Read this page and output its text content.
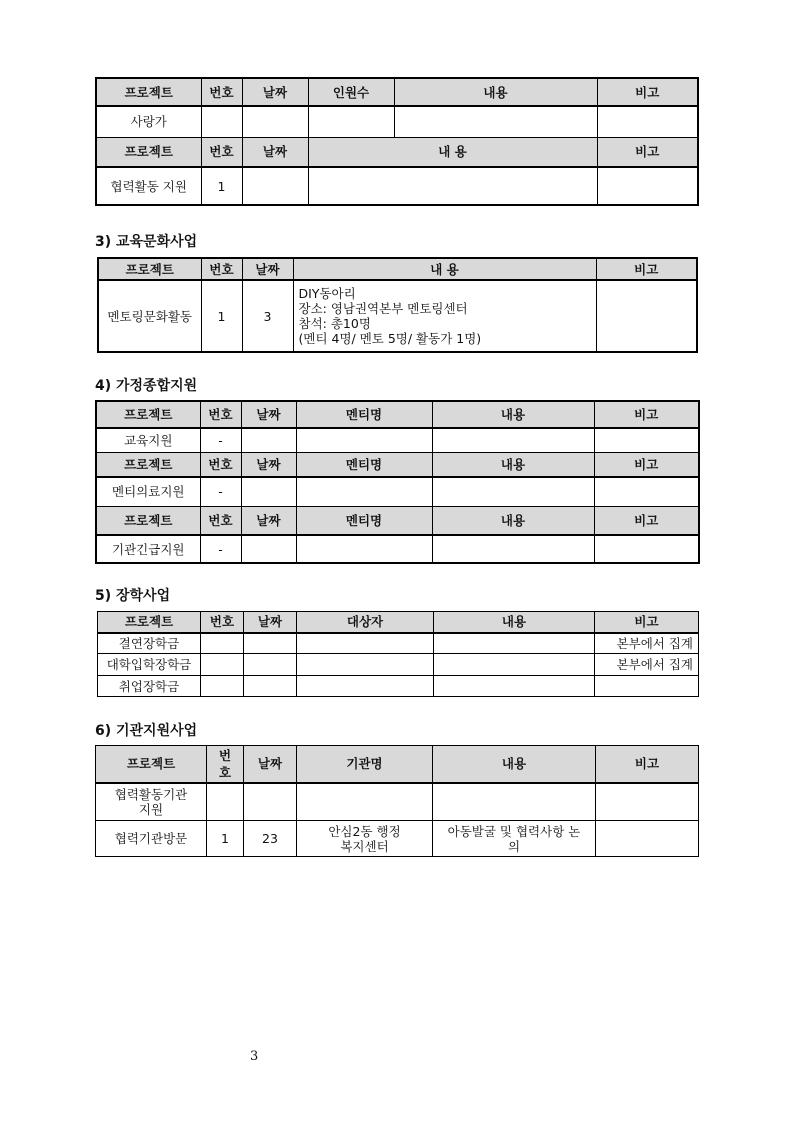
프로젝트	번호	날짜	인원수	내용	비고
사랑가					
프로젝트	번호	날짜	내 용		비고
협력활동 지원	1				
3) 교육문화사업
프로젝트	번호	날짜	내 용	비고
멘토링문화활동	1	3	DIY동아리
장소: 영남권역본부 멘토링센터
참석: 총10명
(멘티 4명/ 멘토 5명/ 활동가 1명)	

4) 가정종합지원
프로젝트	번호	날짜	멘티명	내용	비고
교육지원	-				
프로젝트	번호	날짜	멘티명	내용	비고
멘티의료지원	-				
프로젝트	번호	날짜	멘티명	내용	비고
기관긴급지원	-				
5) 장학사업
프로젝트	번호	날짜	대상자	내용	비고
결연장학금					본부에서 집계
대학입학장학금					본부에서 집계
취업장학금					
6) 기관지원사업
프로젝트	번호	날짜	기관명	내용	비고
협력활동기관 지원					
협력기관방문	1	23	안심2동 행정복지센터	아동발굴 및 협력사항 논의	
3
